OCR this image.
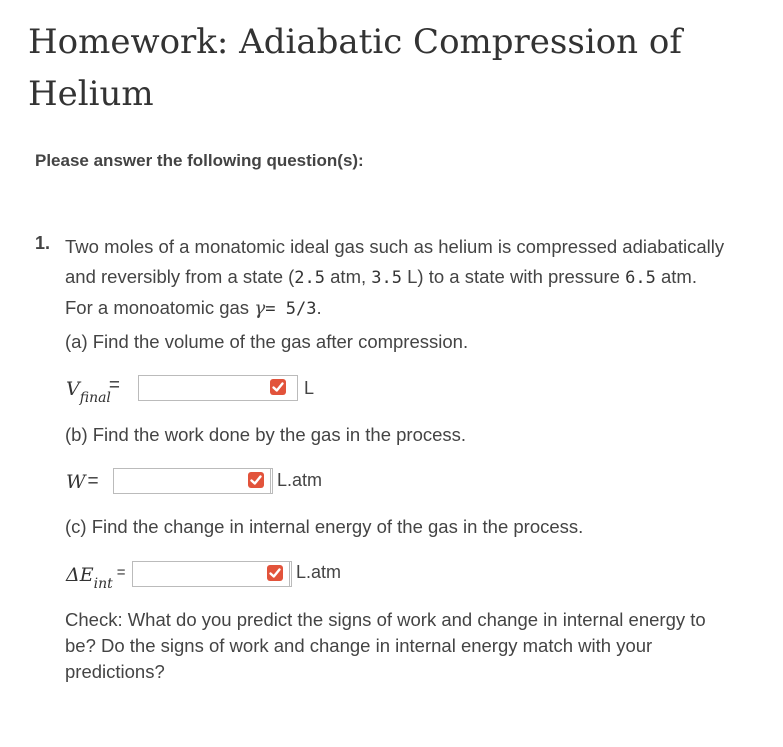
Homework: Adiabatic Compression of Helium
Please answer the following question(s):
1. Two moles of a monatomic ideal gas such as helium is compressed adiabatically and reversibly from a state (2.5 atm, 3.5 L) to a state with pressure 6.5 atm. For a monoatomic gas γ= 5/3.
(a) Find the volume of the gas after compression.
$V_{final}$
=	L
(b) Find the work done by the gas in the process.
W =	L.atm
(c) Find the change in internal energy of the gas in the process.
$\Delta E_{int}$
=	L.atm
Check: What do you predict the signs of work and change in internal energy to be? Do the signs of work and change in internal energy match with your predictions?
